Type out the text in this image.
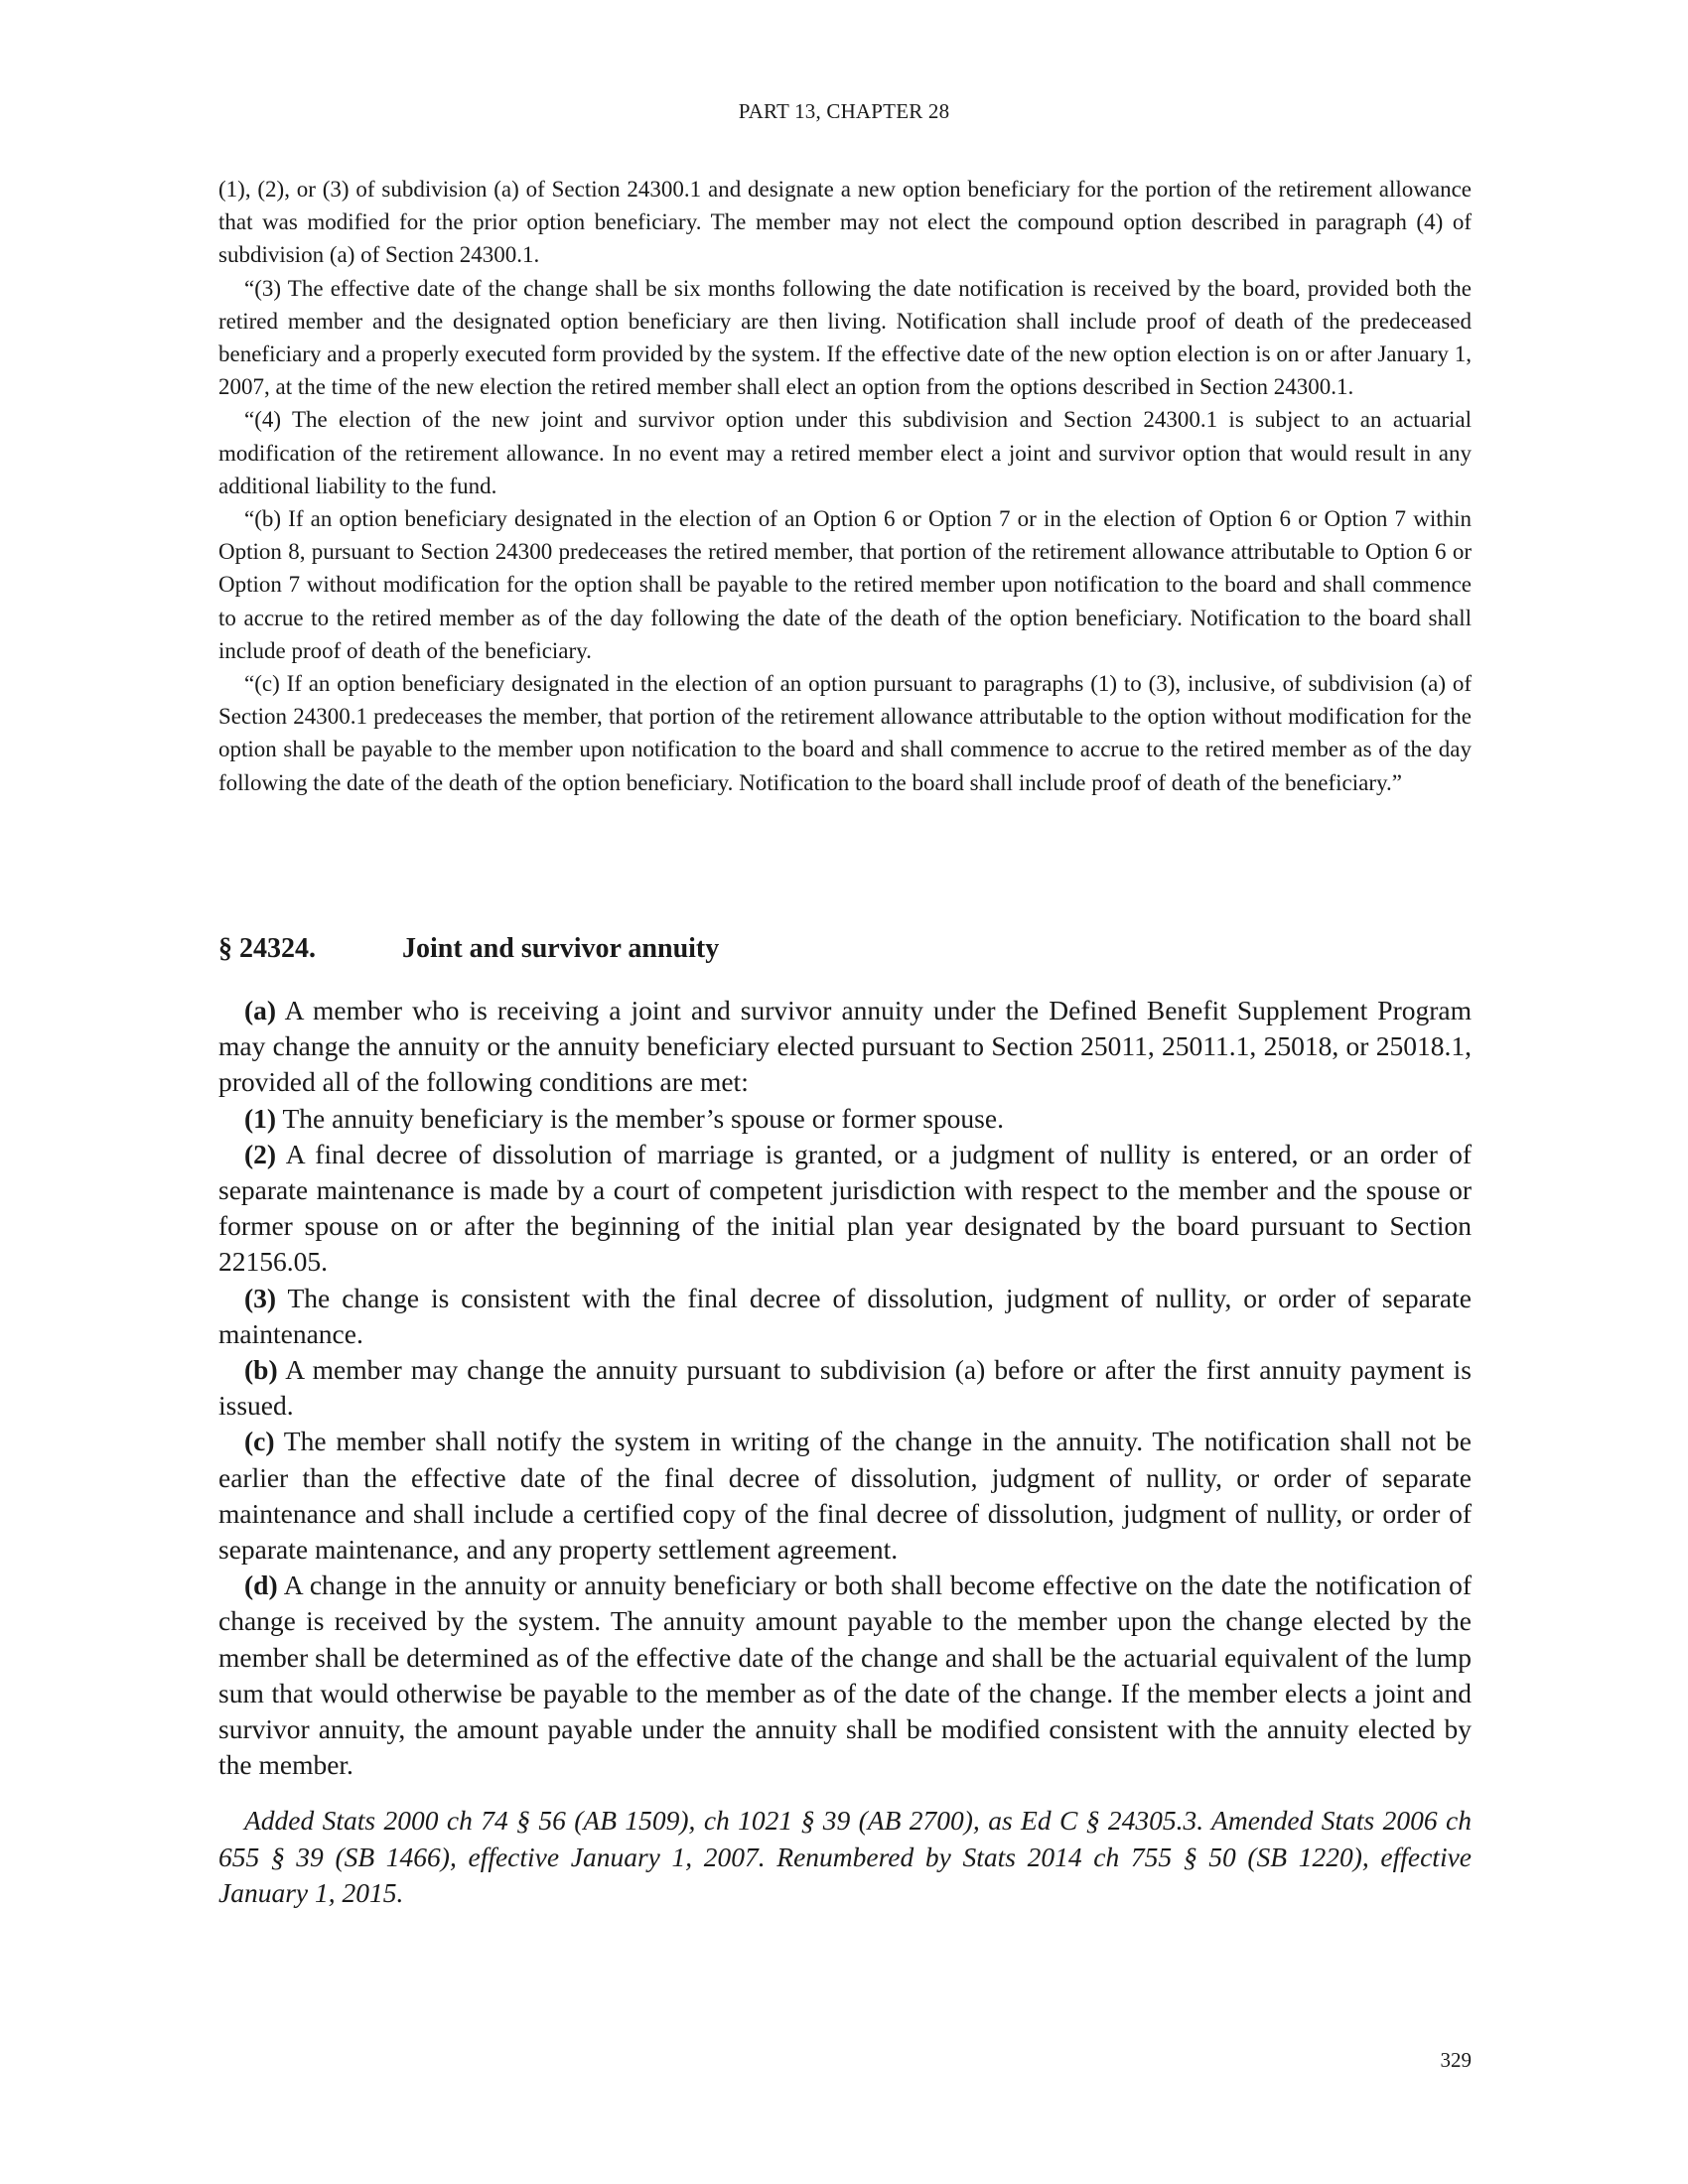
PART 13, CHAPTER 28

(1), (2), or (3) of subdivision (a) of Section 24300.1 and designate a new option beneficiary for the portion of the retirement allowance that was modified for the prior option beneficiary. The member may not elect the compound option described in paragraph (4) of subdivision (a) of Section 24300.1.

“(3) The effective date of the change shall be six months following the date notification is received by the board, provided both the retired member and the designated option beneficiary are then living. Notification shall include proof of death of the predeceased beneficiary and a properly executed form provided by the system. If the effective date of the new option election is on or after January 1, 2007, at the time of the new election the retired member shall elect an option from the options described in Section 24300.1.

“(4) The election of the new joint and survivor option under this subdivision and Section 24300.1 is subject to an actuarial modification of the retirement allowance. In no event may a retired member elect a joint and survivor option that would result in any additional liability to the fund.

“(b) If an option beneficiary designated in the election of an Option 6 or Option 7 or in the election of Option 6 or Option 7 within Option 8, pursuant to Section 24300 predeceases the retired member, that portion of the retirement allowance attributable to Option 6 or Option 7 without modification for the option shall be payable to the retired member upon notification to the board and shall commence to accrue to the retired member as of the day following the date of the death of the option beneficiary. Notification to the board shall include proof of death of the beneficiary.

“(c) If an option beneficiary designated in the election of an option pursuant to paragraphs (1) to (3), inclusive, of subdivision (a) of Section 24300.1 predeceases the member, that portion of the retirement allowance attributable to the option without modification for the option shall be payable to the member upon notification to the board and shall commence to accrue to the retired member as of the day following the date of the death of the option beneficiary. Notification to the board shall include proof of death of the beneficiary.”

§ 24324.	Joint and survivor annuity

(a) A member who is receiving a joint and survivor annuity under the Defined Benefit Supplement Program may change the annuity or the annuity beneficiary elected pursuant to Section 25011, 25011.1, 25018, or 25018.1, provided all of the following conditions are met:

(1) The annuity beneficiary is the member’s spouse or former spouse.

(2) A final decree of dissolution of marriage is granted, or a judgment of nullity is entered, or an order of separate maintenance is made by a court of competent jurisdiction with respect to the member and the spouse or former spouse on or after the beginning of the initial plan year designated by the board pursuant to Section 22156.05.

(3) The change is consistent with the final decree of dissolution, judgment of nullity, or order of separate maintenance.

(b) A member may change the annuity pursuant to subdivision (a) before or after the first annuity payment is issued.

(c) The member shall notify the system in writing of the change in the annuity. The notification shall not be earlier than the effective date of the final decree of dissolution, judgment of nullity, or order of separate maintenance and shall include a certified copy of the final decree of dissolution, judgment of nullity, or order of separate maintenance, and any property settlement agreement.

(d) A change in the annuity or annuity beneficiary or both shall become effective on the date the notification of change is received by the system. The annuity amount payable to the member upon the change elected by the member shall be determined as of the effective date of the change and shall be the actuarial equivalent of the lump sum that would otherwise be payable to the member as of the date of the change. If the member elects a joint and survivor annuity, the amount payable under the annuity shall be modified consistent with the annuity elected by the member.

Added Stats 2000 ch 74 § 56 (AB 1509), ch 1021 § 39 (AB 2700), as Ed C § 24305.3. Amended Stats 2006 ch 655 § 39 (SB 1466), effective January 1, 2007. Renumbered by Stats 2014 ch 755 § 50 (SB 1220), effective January 1, 2015.

329
